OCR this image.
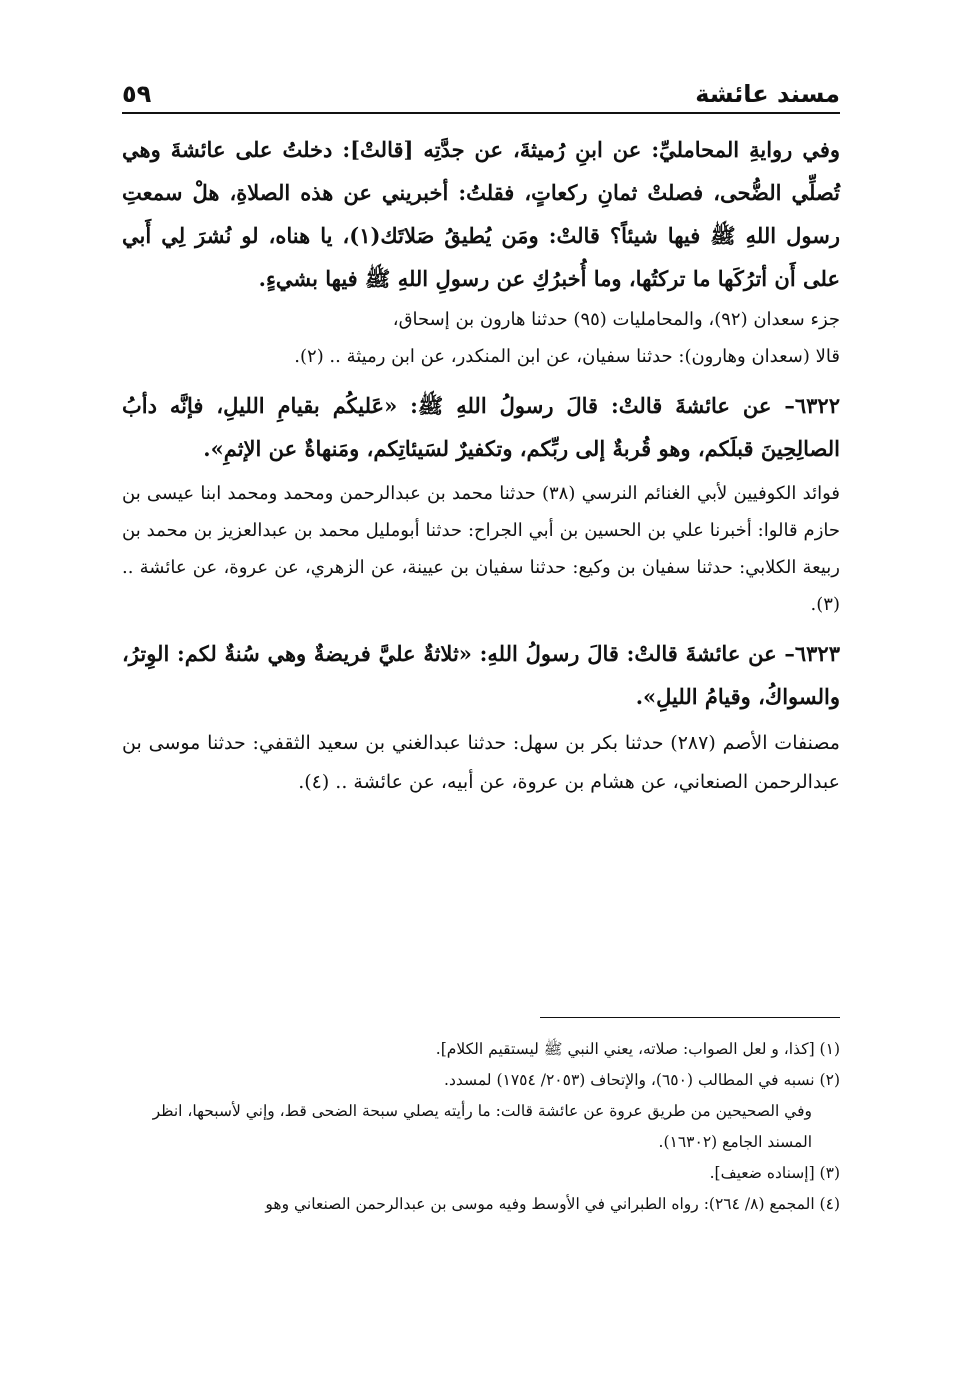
مسند عائشة
٥٩

وفي روايةِ المحامليِّ: عن ابنِ رُميثةَ، عن جدَّتِه [قالتْ]: دخلتُ على عائشةَ وهي تُصلِّي الضُّحى، فصلتْ ثمانِ ركعاتٍ، فقلتُ: أخبريني عن هذه الصلاةِ، هلْ سمعتِ رسول اللهِ ﷺ فيها شيئاً؟ قالتْ: ومَن يُطيقُ صَلاتَك(١)، يا هناه، لو نُشرَ لِي أَبي على أَن أترُكَها ما تركتُها، وما أُخبرُكِ عن رسولِ اللهِ ﷺ فيها بشيءٍ.

جزء سعدان (٩٢)، والمحامليات (٩٥) حدثنا هارون بن إسحاق،

قالا (سعدان وهارون): حدثنا سفيان، عن ابن المنكدر، عن ابن رميثة .. (٢).

٦٣٢٢– عن عائشةَ قالتْ: قالَ رسولُ اللهِ ﷺ: «عَليكُم بقيامِ الليلِ، فإنَّه دأبُ الصالِحِينَ قبلَكم، وهو قُربةٌ إلى ربِّكم، وتكفيرٌ لسَيئاتِكم، ومَنهاةٌ عن الإثمِ».

فوائد الكوفيين لأبي الغنائم النرسي (٣٨) حدثنا محمد بن عبدالرحمن ومحمد ومحمد ابنا عيسى بن حازم قالوا: أخبرنا علي بن الحسين بن أبي الجراح: حدثنا أبومليل محمد بن عبدالعزيز بن محمد بن ربيعة الكلابي: حدثنا سفيان بن وكيع: حدثنا سفيان بن عيينة، عن الزهري، عن عروة، عن عائشة .. (٣).

٦٣٢٣– عن عائشةَ قالتْ: قالَ رسولُ اللهِ: «ثلاثةٌ عليَّ فريضةٌ وهي سُنةٌ لكم: الوِترُ، والسواكُ، وقيامُ الليلِ».

مصنفات الأصم (٢٨٧) حدثنا بكر بن سهل: حدثنا عبدالغني بن سعيد الثقفي: حدثنا موسى بن عبدالرحمن الصنعاني، عن هشام بن عروة، عن أبيه، عن عائشة .. (٤).

(١) [كذا، و لعل الصواب: صلاته، يعني النبي ﷺ ليستقيم الكلام].

(٢) نسبه في المطالب (٦٥٠)، والإتحاف (٢٠٥٣/ ١٧٥٤) لمسدد.

وفي الصحيحين من طريق عروة عن عائشة قالت: ما رأيته يصلي سبحة الضحى قط، وإني لأسبحها، انظر المسند الجامع (١٦٣٠٢).

(٣) [إسناده ضعيف].

(٤) المجمع (٨/ ٢٦٤): رواه الطبراني في الأوسط وفيه موسى بن عبدالرحمن الصنعاني وهو
